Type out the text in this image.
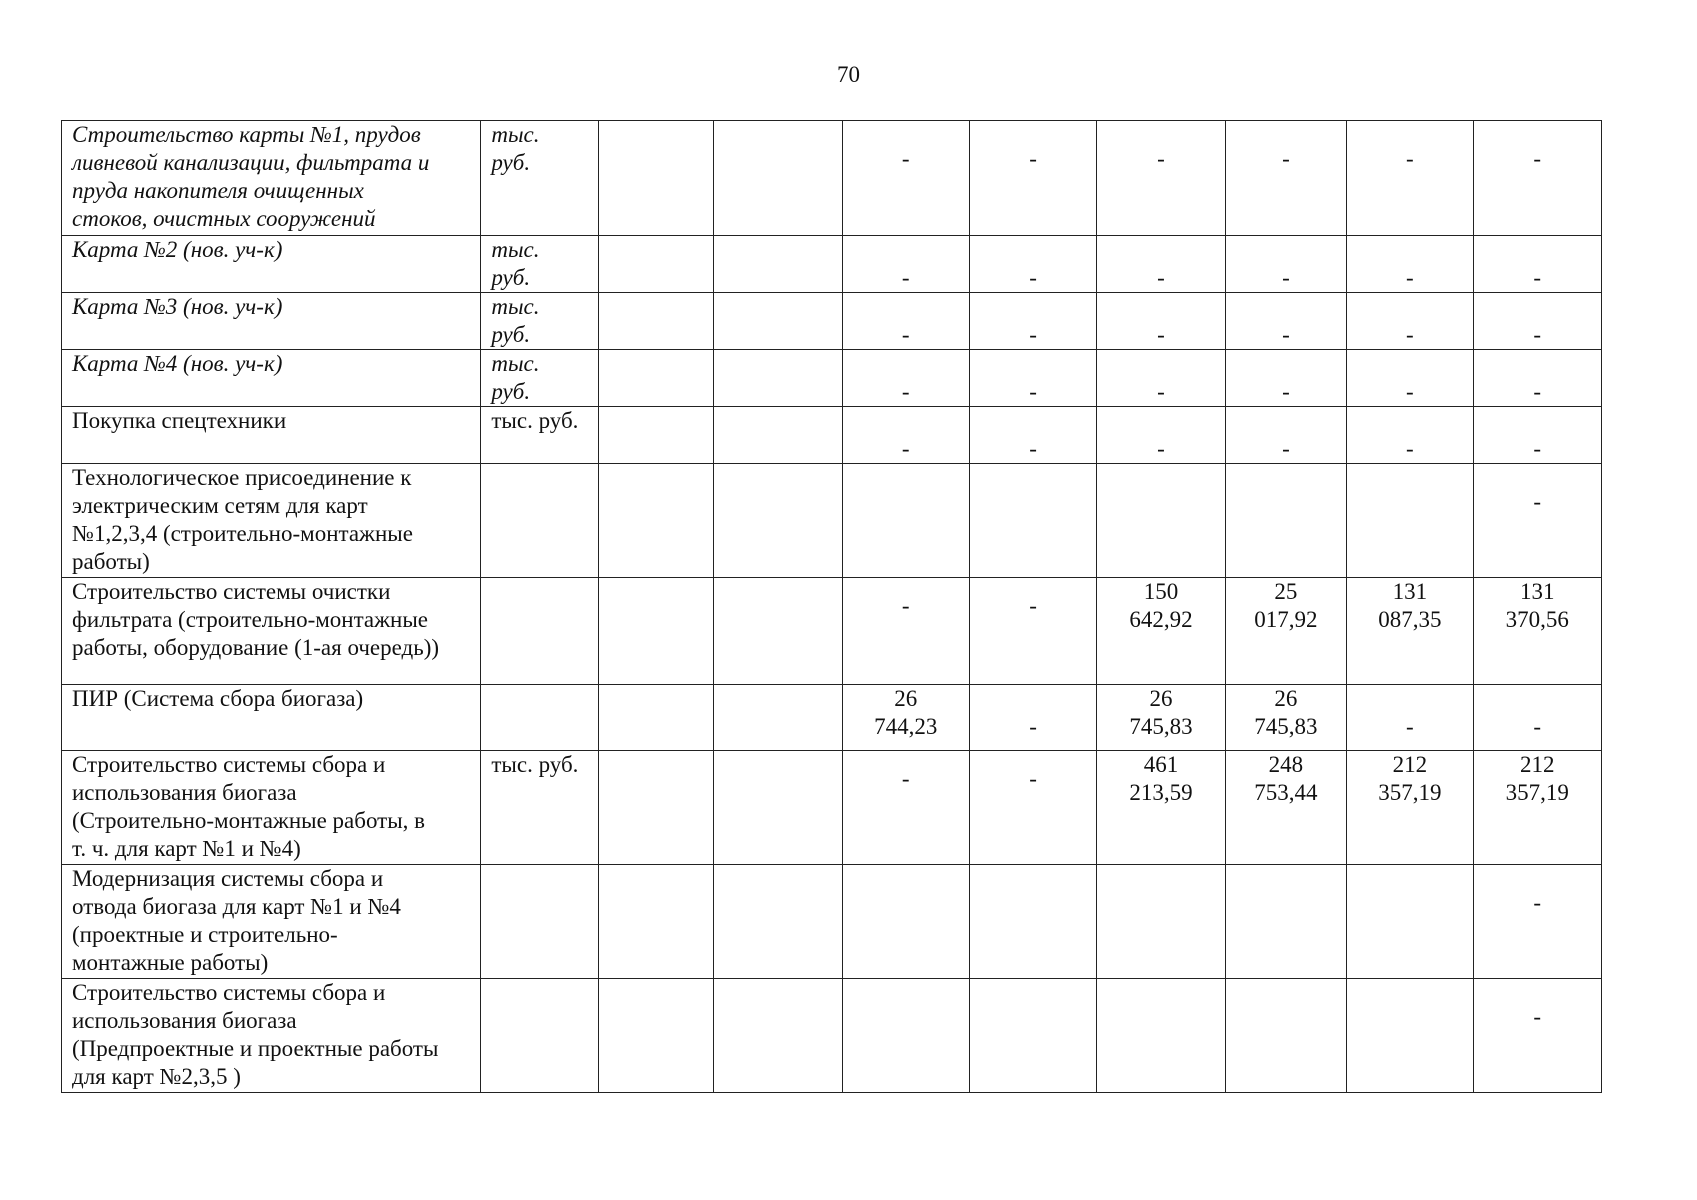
70
Строительство карты №1, прудов
ливневой канализации, фильтрата и
пруда накопителя очищенных
стоков, очистных сооружений	тыс.
руб.			-	-	-	-	-	-

Карта №2 (нов. уч-к)	тыс.
руб.			-	-	-	-	-	-

Карта №3 (нов. уч-к)	тыс.
руб.			-	-	-	-	-	-

Карта №4 (нов. уч-к)	тыс.
руб.			-	-	-	-	-	-

Покупка спецтехники	тыс. руб.			-	-	-	-	-	-

Технологическое присоединение к
электрическим сетям для карт
№1,2,3,4 (строительно-монтажные
работы)									-

Строительство системы очистки
фильтрата (строительно-монтажные
работы, оборудование (1-ая очередь))				-	-	150 642,92	25 017,92	131 087,35	131 370,56

ПИР (Система сбора биогаза)				26 744,23	-	26 745,83	26 745,83	-	-

Строительство системы сбора и
использования биогаза
(Строительно-монтажные работы, в
т. ч. для карт №1 и №4)	тыс. руб.			-	-	461 213,59	248 753,44	212 357,19	212 357,19

Модернизация системы сбора и
отвода биогаза для карт №1 и №4
(проектные и строительно-
монтажные работы)									-

Строительство системы сбора и
использования биогаза
(Предпроектные и проектные работы
для карт №2,3,5 )									-
